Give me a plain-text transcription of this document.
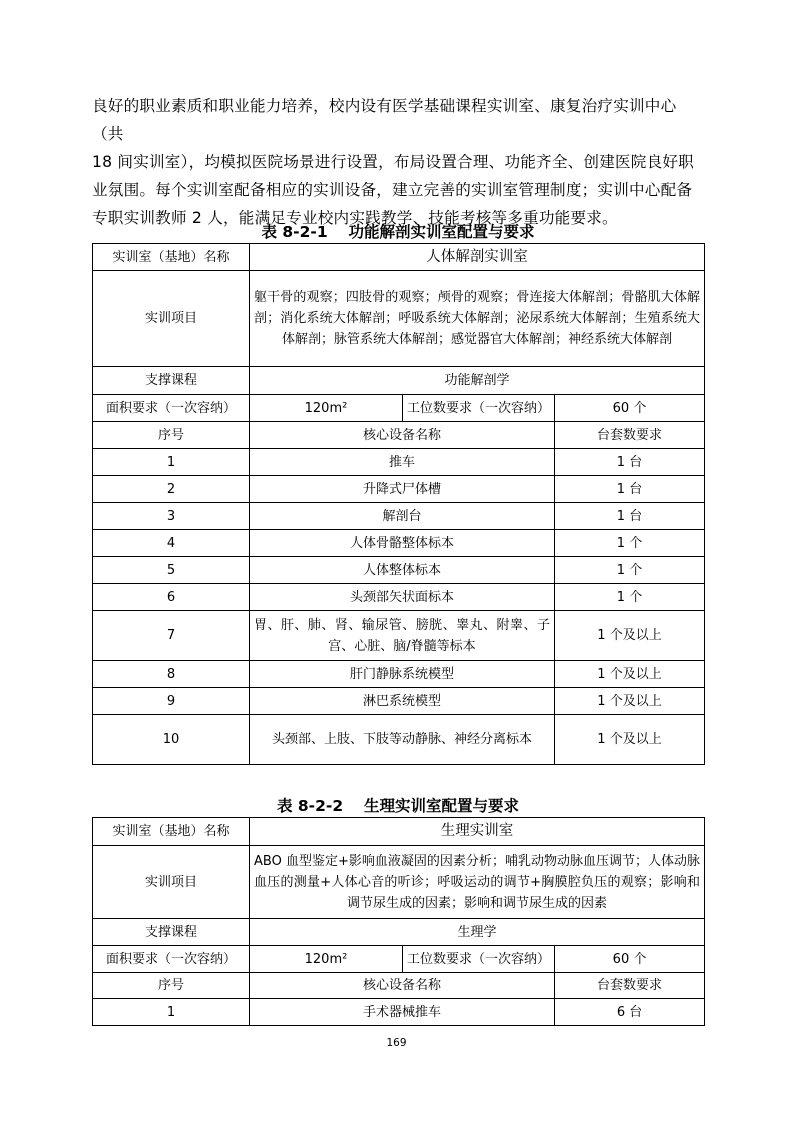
良好的职业素质和职业能力培养，校内设有医学基础课程实训室、康复治疗实训中心（共

18 间实训室），均模拟医院场景进行设置，布局设置合理、功能齐全、创建医院良好职

业氛围。每个实训室配备相应的实训设备，建立完善的实训室管理制度；实训中心配备

专职实训教师 2 人，能满足专业校内实践教学、技能考核等多重功能要求。

表 8-2-1　 功能解剖实训室配置与要求
实训室（基地）名称	人体解剖实训室		
实训项目	躯干骨的观察；四肢骨的观察；颅骨的观察；骨连接大体解剖；骨骼肌大体解剖；消化系统大体解剖；呼吸系统大体解剖；泌尿系统大体解剖；生殖系统大体解剖；脉管系统大体解剖；感觉器官大体解剖；神经系统大体解剖		
支撑课程	功能解剖学		
面积要求（一次容纳）	120m²	工位数要求（一次容纳）	60 个
序号	核心设备名称		台套数要求
1	推车		1 台
2	升降式尸体槽		1 台
3	解剖台		1 台
4	人体骨骼整体标本		1 个
5	人体整体标本		1 个
6	头颈部矢状面标本		1 个
7	胃、肝、肺、肾、输尿管、膀胱、睾丸、附睾、子宫、心脏、脑/脊髓等标本		1 个及以上
8	肝门静脉系统模型		1 个及以上
9	淋巴系统模型		1 个及以上
10	头颈部、上肢、下肢等动静脉、神经分离标本		1 个及以上
表 8-2-2　 生理实训室配置与要求
实训室（基地）名称	生理实训室		
实训项目	ABO 血型鉴定+影响血液凝固的因素分析；哺乳动物动脉血压调节；人体动脉血压的测量+人体心音的听诊；呼吸运动的调节+胸膜腔负压的观察；影响和调节尿生成的因素；影响和调节尿生成的因素		
支撑课程	生理学		
面积要求（一次容纳）	120m²	工位数要求（一次容纳）	60 个
序号	核心设备名称		台套数要求
1	手术器械推车		6 台
169
